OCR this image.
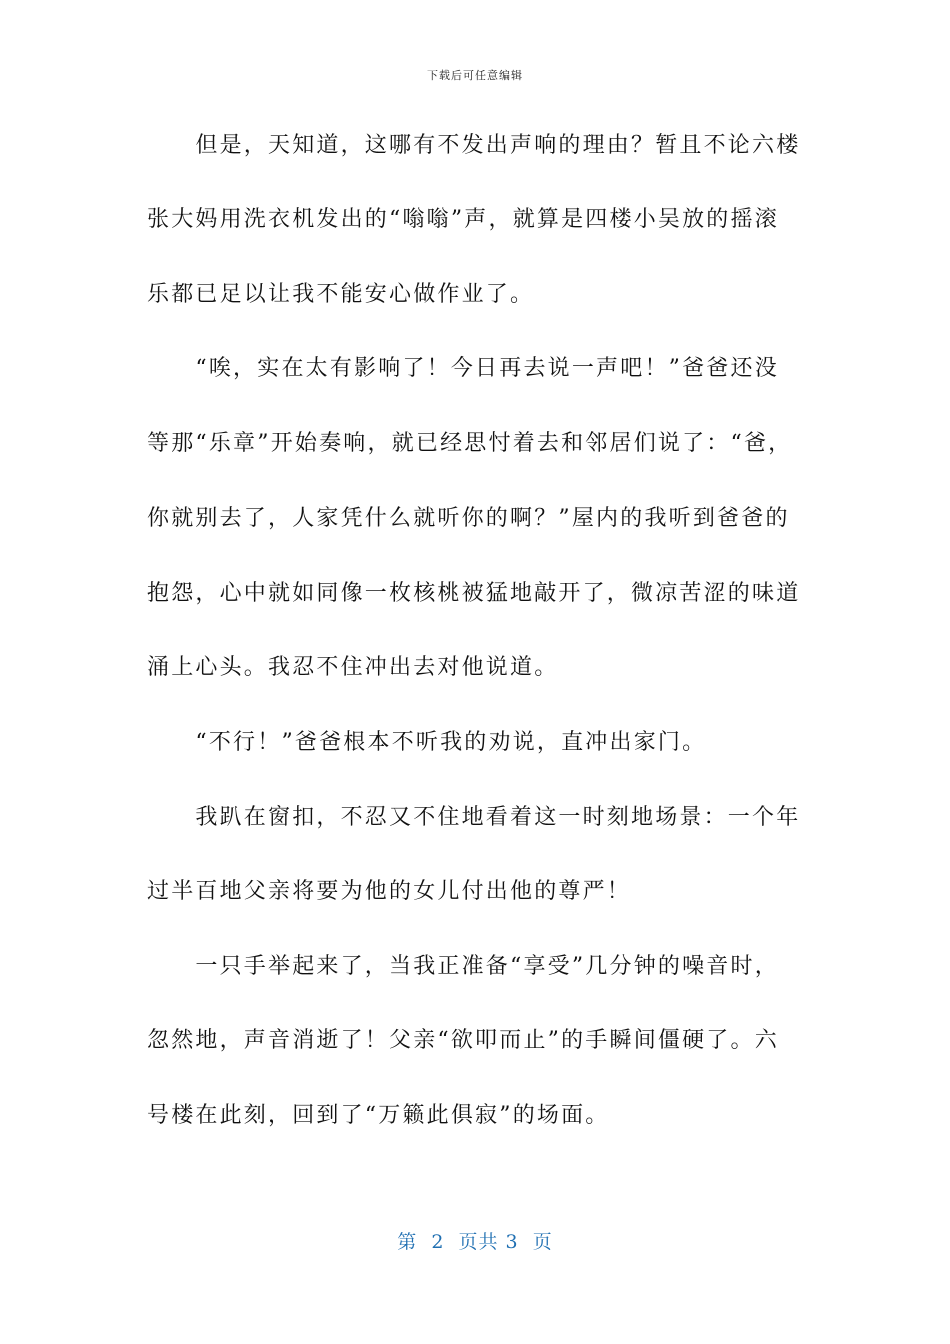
下载后可任意编辑
　　但是，天知道，这哪有不发出声响的理由？暂且不论六楼
张大妈用洗衣机发出的“嗡嗡”声，就算是四楼小吴放的摇滚
乐都已足以让我不能安心做作业了。
　　“唉，实在太有影响了！今日再去说一声吧！”爸爸还没
等那“乐章”开始奏响，就已经思忖着去和邻居们说了：“爸，
你就别去了，人家凭什么就听你的啊？”屋内的我听到爸爸的
抱怨，心中就如同像一枚核桃被猛地敲开了，微凉苦涩的味道
涌上心头。我忍不住冲出去对他说道。
　　“不行！”爸爸根本不听我的劝说，直冲出家门。
　　我趴在窗扣，不忍又不住地看着这一时刻地场景：一个年
过半百地父亲将要为他的女儿付出他的尊严！
　　一只手举起来了，当我正准备“享受”几分钟的噪音时，
忽然地，声音消逝了！父亲“欲叩而止”的手瞬间僵硬了。六
号楼在此刻，回到了“万籁此俱寂”的场面。
第  2  页共 3  页
